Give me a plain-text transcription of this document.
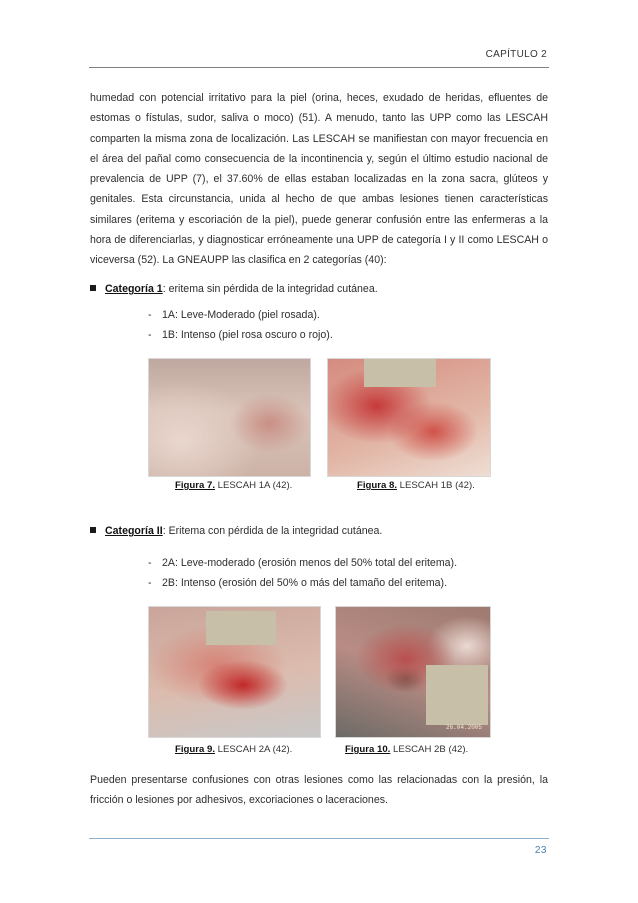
CAPÍTULO 2
humedad con potencial irritativo para la piel (orina, heces, exudado de heridas, efluentes de estomas o fístulas, sudor, saliva o moco) (51). A menudo, tanto las UPP como las LESCAH comparten la misma zona de localización. Las LESCAH se manifiestan con mayor frecuencia en el área del pañal como consecuencia de la incontinencia y, según el último estudio nacional de prevalencia de UPP (7), el 37.60% de ellas estaban localizadas en la zona sacra, glúteos y genitales. Esta circunstancia, unida al hecho de que ambas lesiones tienen características similares (eritema y escoriación de la piel), puede generar confusión entre las enfermeras a la hora de diferenciarlas, y diagnosticar erróneamente una UPP de categoría I y II como LESCAH o viceversa (52). La GNEAUPP las clasifica en 2 categorías (40):
Categoría 1: eritema sin pérdida de la integridad cutánea.
- 1A: Leve-Moderado (piel rosada).
- 1B: Intenso (piel rosa oscuro o rojo).
Figura 7. LESCAH 1A (42).	Figura 8. LESCAH 1B (42).
Categoría II: Eritema con pérdida de la integridad cutánea.
- 2A: Leve-moderado (erosión menos del 50% total del eritema).
- 2B: Intenso (erosión del 50% o más del tamaño del eritema).
26.04.2005
Figura 9. LESCAH 2A (42).	Figura 10. LESCAH 2B (42).
Pueden presentarse confusiones con otras lesiones como las relacionadas con la presión, la fricción o lesiones por adhesivos, excoriaciones o laceraciones.
23
